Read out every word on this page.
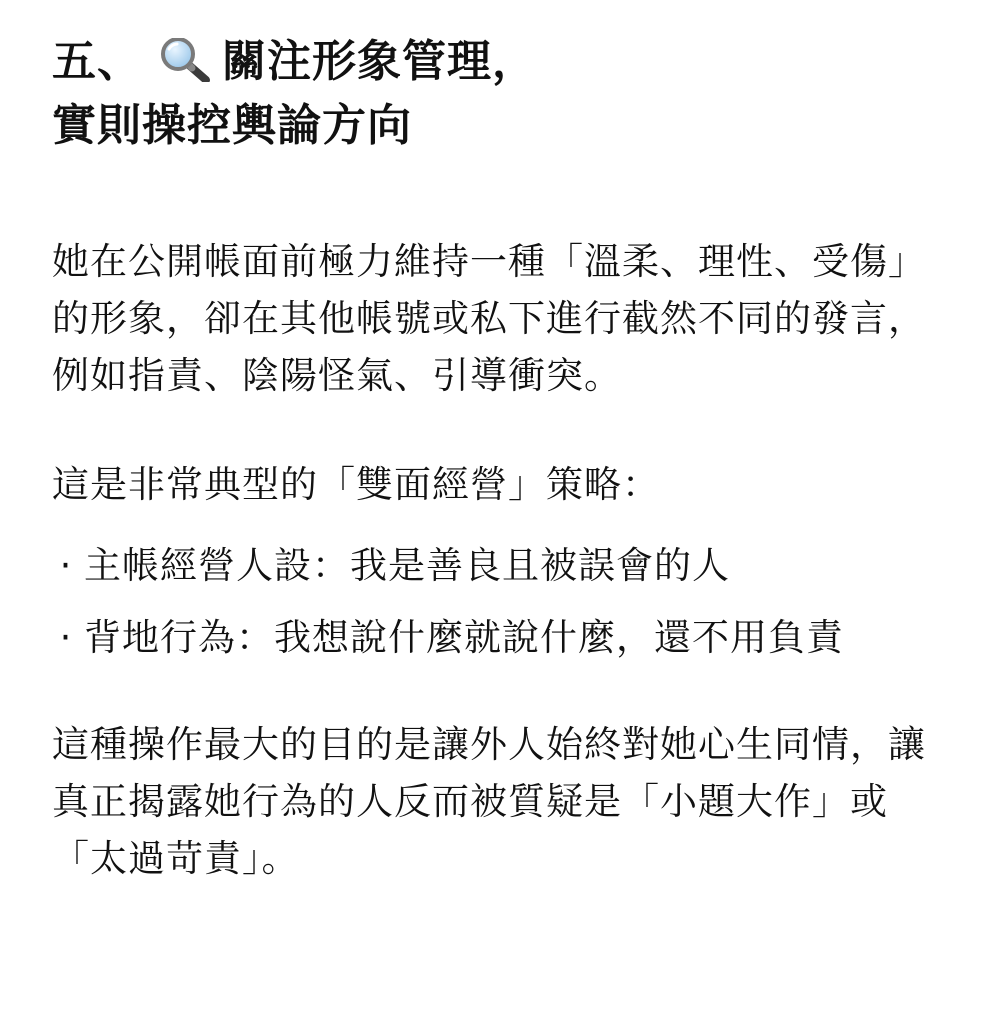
五、 關注形象管理，
實則操控輿論方向

她在公開帳面前極力維持一種「溫柔、理性、受傷」的形象，卻在其他帳號或私下進行截然不同的發言，例如指責、陰陽怪氣、引導衝突。

這是非常典型的「雙面經營」策略：

· 主帳經營人設：我是善良且被誤會的人
· 背地行為：我想說什麼就說什麼，還不用負責

這種操作最大的目的是讓外人始終對她心生同情，讓真正揭露她行為的人反而被質疑是「小題大作」或「太過苛責」。
